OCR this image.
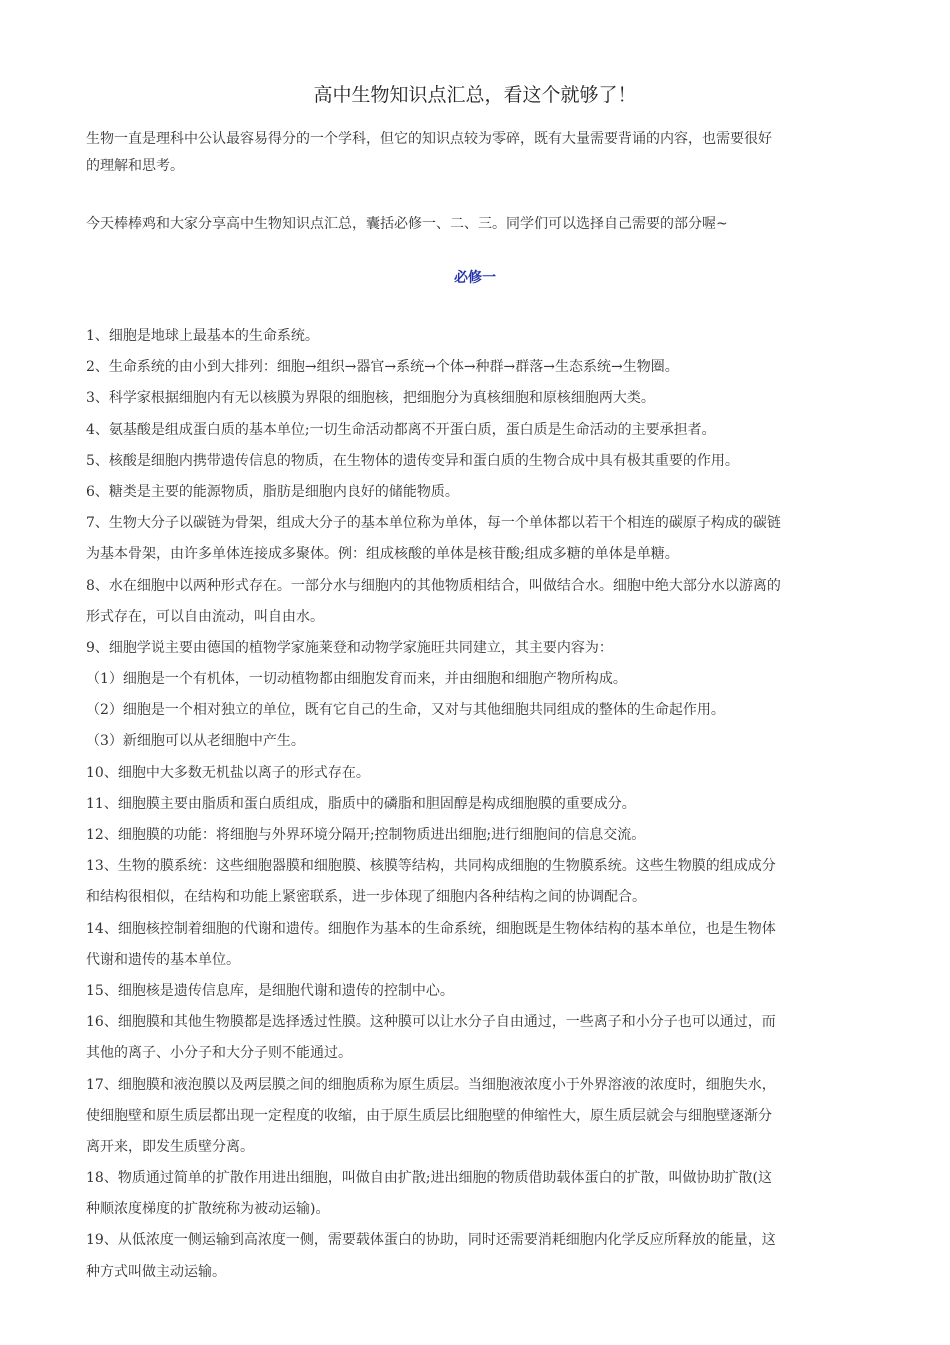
高中生物知识点汇总，看这个就够了！
生物一直是理科中公认最容易得分的一个学科，但它的知识点较为零碎，既有大量需要背诵的内容，也需要很好
的理解和思考。
今天棒棒鸡和大家分享高中生物知识点汇总，囊括必修一、二、三。同学们可以选择自己需要的部分喔~
必修一
1、细胞是地球上最基本的生命系统。
2、生命系统的由小到大排列：细胞→组织→器官→系统→个体→种群→群落→生态系统→生物圈。
3、科学家根据细胞内有无以核膜为界限的细胞核，把细胞分为真核细胞和原核细胞两大类。
4、氨基酸是组成蛋白质的基本单位;一切生命活动都离不开蛋白质，蛋白质是生命活动的主要承担者。
5、核酸是细胞内携带遗传信息的物质，在生物体的遗传变异和蛋白质的生物合成中具有极其重要的作用。
6、糖类是主要的能源物质，脂肪是细胞内良好的储能物质。
7、生物大分子以碳链为骨架，组成大分子的基本单位称为单体，每一个单体都以若干个相连的碳原子构成的碳链
为基本骨架，由许多单体连接成多聚体。例：组成核酸的单体是核苷酸;组成多糖的单体是单糖。
8、水在细胞中以两种形式存在。一部分水与细胞内的其他物质相结合，叫做结合水。细胞中绝大部分水以游离的
形式存在，可以自由流动，叫自由水。
9、细胞学说主要由德国的植物学家施莱登和动物学家施旺共同建立，其主要内容为：
（1）细胞是一个有机体，一切动植物都由细胞发育而来，并由细胞和细胞产物所构成。
（2）细胞是一个相对独立的单位，既有它自己的生命，又对与其他细胞共同组成的整体的生命起作用。
（3）新细胞可以从老细胞中产生。
10、细胞中大多数无机盐以离子的形式存在。
11、细胞膜主要由脂质和蛋白质组成，脂质中的磷脂和胆固醇是构成细胞膜的重要成分。
12、细胞膜的功能：将细胞与外界环境分隔开;控制物质进出细胞;进行细胞间的信息交流。
13、生物的膜系统：这些细胞器膜和细胞膜、核膜等结构，共同构成细胞的生物膜系统。这些生物膜的组成成分
和结构很相似，在结构和功能上紧密联系，进一步体现了细胞内各种结构之间的协调配合。
14、细胞核控制着细胞的代谢和遗传。细胞作为基本的生命系统，细胞既是生物体结构的基本单位，也是生物体
代谢和遗传的基本单位。
15、细胞核是遗传信息库，是细胞代谢和遗传的控制中心。
16、细胞膜和其他生物膜都是选择透过性膜。这种膜可以让水分子自由通过，一些离子和小分子也可以通过，而
其他的离子、小分子和大分子则不能通过。
17、细胞膜和液泡膜以及两层膜之间的细胞质称为原生质层。当细胞液浓度小于外界溶液的浓度时，细胞失水，
使细胞壁和原生质层都出现一定程度的收缩，由于原生质层比细胞壁的伸缩性大，原生质层就会与细胞壁逐渐分
离开来，即发生质壁分离。
18、物质通过简单的扩散作用进出细胞，叫做自由扩散;进出细胞的物质借助载体蛋白的扩散，叫做协助扩散(这
种顺浓度梯度的扩散统称为被动运输)。
19、从低浓度一侧运输到高浓度一侧，需要载体蛋白的协助，同时还需要消耗细胞内化学反应所释放的能量，这
种方式叫做主动运输。
